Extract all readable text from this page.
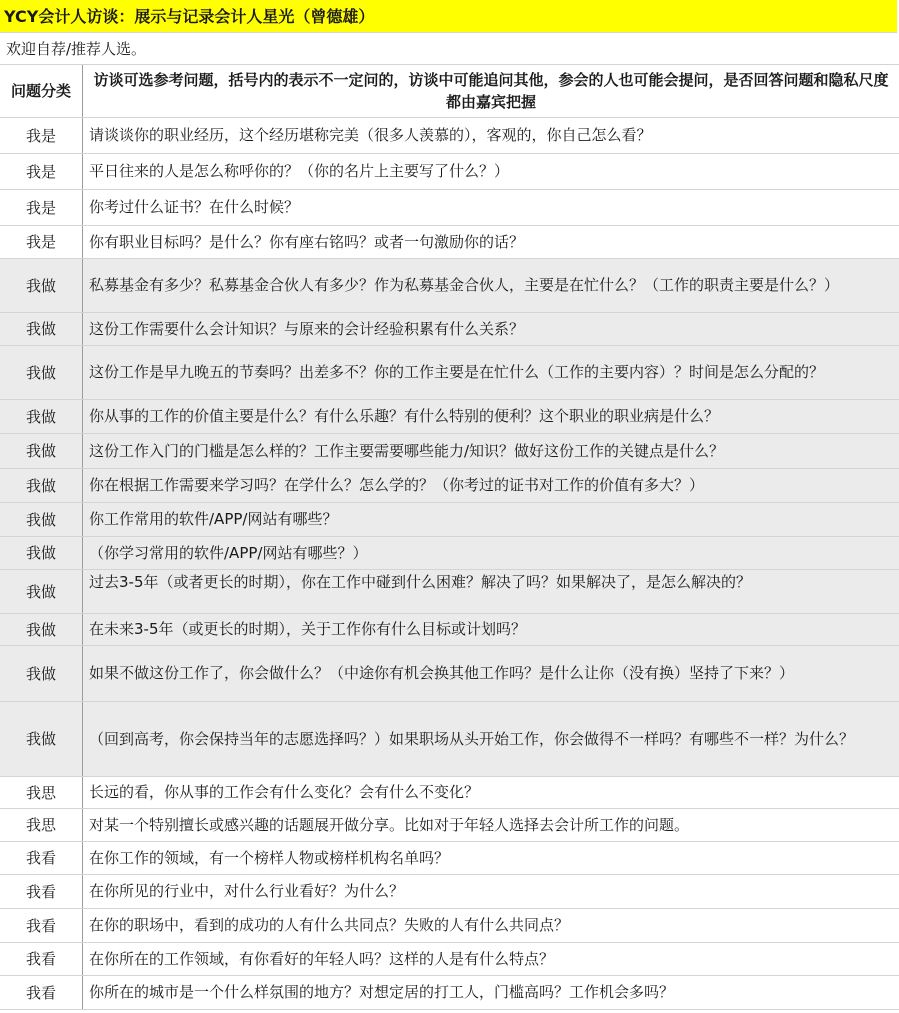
YCY会计人访谈：展示与记录会计人星光（曾德雄）
欢迎自荐/推荐人选。
问题分类	访谈可选参考问题，括号内的表示不一定问的，访谈中可能追问其他，参会的人也可能会提问，是否回答问题和隐私尺度都由嘉宾把握
我是	请谈谈你的职业经历，这个经历堪称完美（很多人羡慕的），客观的，你自己怎么看？
我是	平日往来的人是怎么称呼你的？（你的名片上主要写了什么？）
我是	你考过什么证书？在什么时候？
我是	你有职业目标吗？是什么？你有座右铭吗？或者一句激励你的话？
我做	私募基金有多少？私募基金合伙人有多少？作为私募基金合伙人，主要是在忙什么？（工作的职责主要是什么？）
我做	这份工作需要什么会计知识？与原来的会计经验积累有什么关系？
我做	这份工作是早九晚五的节奏吗？出差多不？你的工作主要是在忙什么（工作的主要内容）？时间是怎么分配的？
我做	你从事的工作的价值主要是什么？有什么乐趣？有什么特别的便利？这个职业的职业病是什么？
我做	这份工作入门的门槛是怎么样的？工作主要需要哪些能力/知识？做好这份工作的关键点是什么？
我做	你在根据工作需要来学习吗？在学什么？怎么学的？（你考过的证书对工作的价值有多大？）
我做	你工作常用的软件/APP/网站有哪些？
我做	（你学习常用的软件/APP/网站有哪些？）
我做	过去3-5年（或者更长的时期），你在工作中碰到什么困难？解决了吗？如果解决了，是怎么解决的？

我做	在未来3-5年（或更长的时期），关于工作你有什么目标或计划吗？
我做	如果不做这份工作了，你会做什么？（中途你有机会换其他工作吗？是什么让你（没有换）坚持了下来？）
我做	（回到高考，你会保持当年的志愿选择吗？）如果职场从头开始工作，你会做得不一样吗？有哪些不一样？为什么？
我思	长远的看，你从事的工作会有什么变化？会有什么不变化？
我思	对某一个特别擅长或感兴趣的话题展开做分享。比如对于年轻人选择去会计所工作的问题。
我看	在你工作的领域，有一个榜样人物或榜样机构名单吗？
我看	在你所见的行业中，对什么行业看好？为什么？
我看	在你的职场中，看到的成功的人有什么共同点？失败的人有什么共同点？
我看	在你所在的工作领域，有你看好的年轻人吗？这样的人是有什么特点？
我看	你所在的城市是一个什么样氛围的地方？对想定居的打工人，门槛高吗？工作机会多吗？
